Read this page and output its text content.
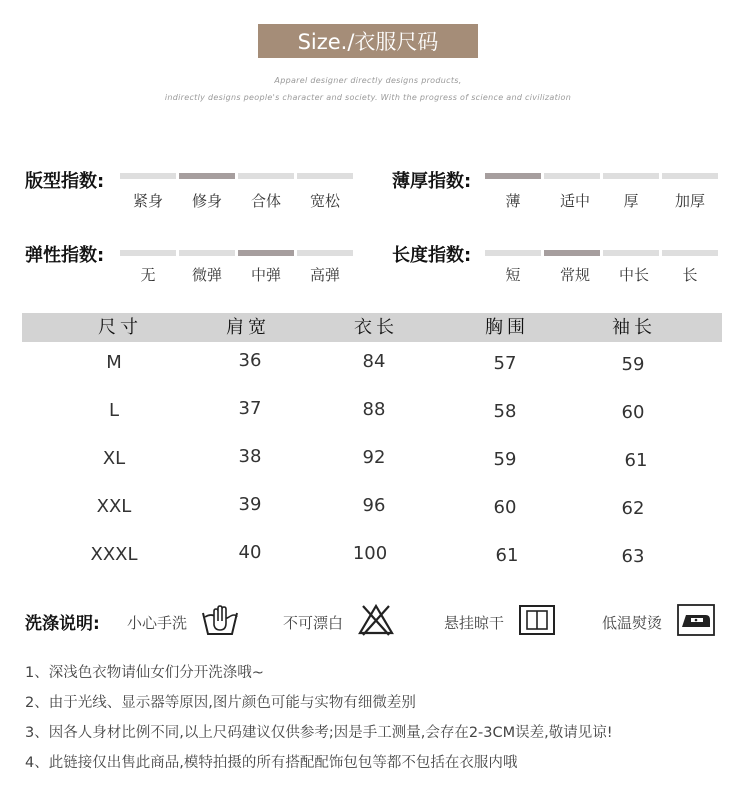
Size./衣服尺码
Apparel designer directly designs products,
indirectly designs people's character and society. With the progress of science and civilization
版型指数:
紧身	修身	合体	宽松
薄厚指数:
薄	适中	厚	加厚
弹性指数:
无	微弹	中弹	高弹
长度指数:
短	常规	中长	长
尺寸	肩宽	衣长	胸围	袖长
M	36	84	57	59
L	37	88	58	60
XL	38	92	59	61
XXL	39	96	60	62
XXXL	40	100	61	63
洗涤说明: 小心手洗	不可漂白	悬挂晾干	低温熨烫
1、深浅色衣物请仙女们分开洗涤哦~
2、由于光线、显示器等原因,图片颜色可能与实物有细微差别
3、因各人身材比例不同,以上尺码建议仅供参考;因是手工测量,会存在2-3CM误差,敬请见谅!
4、此链接仅出售此商品,模特拍摄的所有搭配配饰包包等都不包括在衣服内哦
